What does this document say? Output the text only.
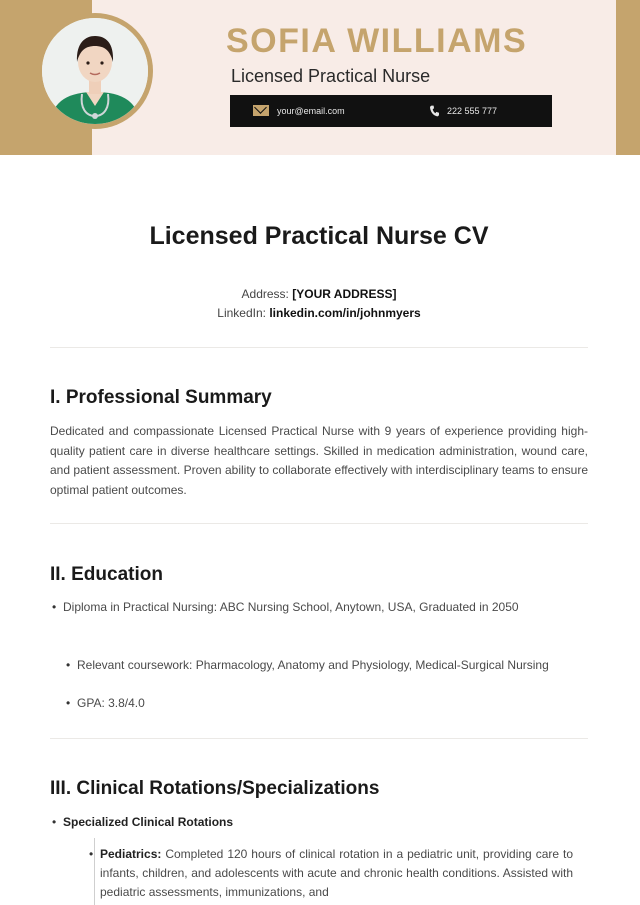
SOFIA WILLIAMS
Licensed Practical Nurse
your@email.com	222 555 777
Licensed Practical Nurse CV
Address: [YOUR ADDRESS]
LinkedIn: linkedin.com/in/johnmyers
I. Professional Summary
Dedicated and compassionate Licensed Practical Nurse with 9 years of experience providing high-quality patient care in diverse healthcare settings. Skilled in medication administration, wound care, and patient assessment. Proven ability to collaborate effectively with interdisciplinary teams to ensure optimal patient outcomes.
II. Education
• Diploma in Practical Nursing: ABC Nursing School, Anytown, USA, Graduated in 2050
• Relevant coursework: Pharmacology, Anatomy and Physiology, Medical-Surgical Nursing
• GPA: 3.8/4.0
III. Clinical Rotations/Specializations
• Specialized Clinical Rotations
• Pediatrics: Completed 120 hours of clinical rotation in a pediatric unit, providing care to infants, children, and adolescents with acute and chronic health conditions. Assisted with pediatric assessments, immunizations, and
